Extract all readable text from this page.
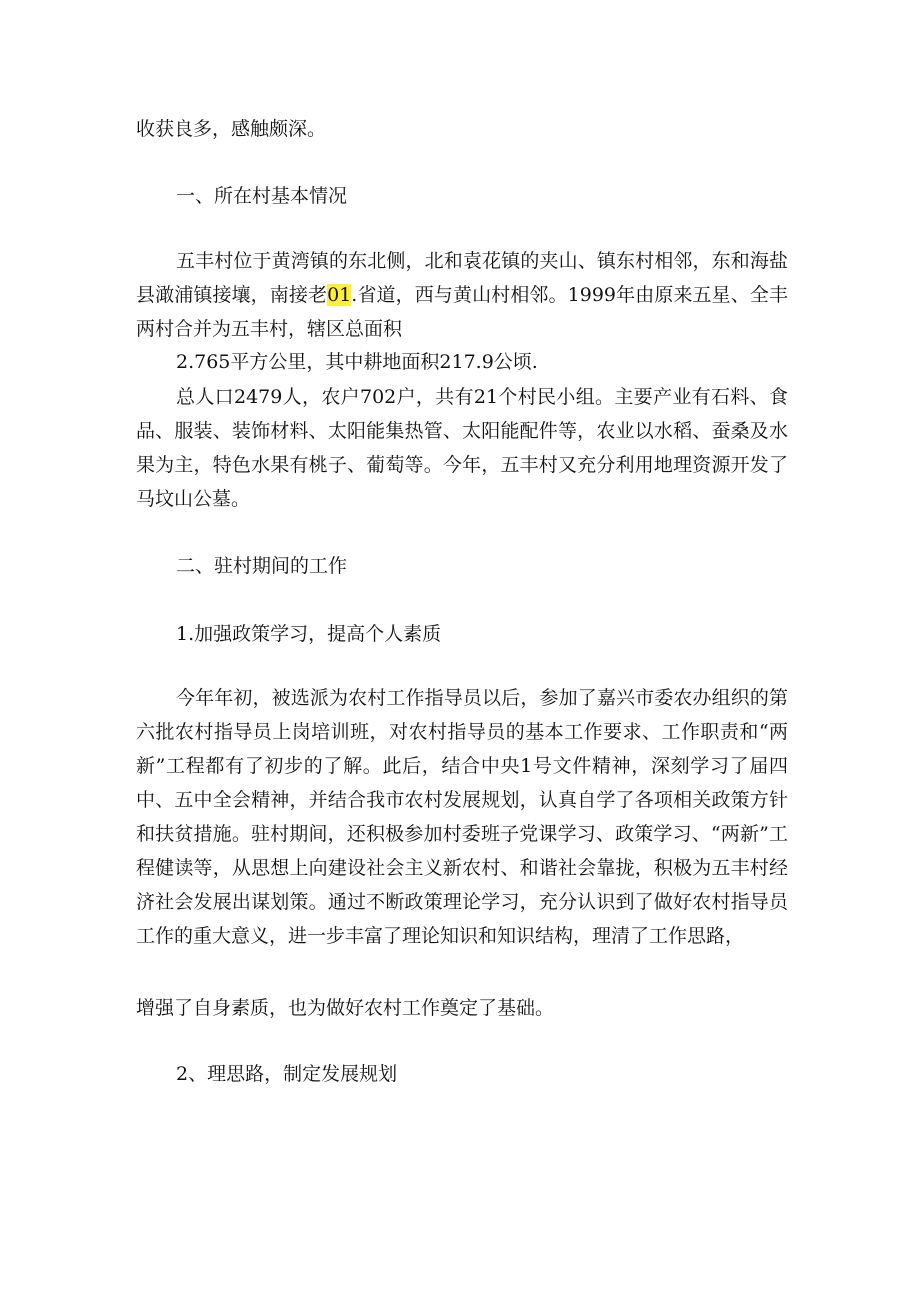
收获良多，感触颇深。
一、所在村基本情况
五丰村位于黄湾镇的东北侧，北和袁花镇的夹山、镇东村相邻，东和海盐县澉浦镇接壤，南接老01.省道，西与黄山村相邻。1999年由原来五星、全丰两村合并为五丰村，辖区总面积
2.765平方公里，其中耕地面积217.9公顷.
总人口2479人，农户702户，共有21个村民小组。主要产业有石料、食品、服装、装饰材料、太阳能集热管、太阳能配件等，农业以水稻、蚕桑及水果为主，特色水果有桃子、葡萄等。今年，五丰村又充分利用地理资源开发了马坟山公墓。
二、驻村期间的工作
1.加强政策学习，提高个人素质
今年年初，被选派为农村工作指导员以后，参加了嘉兴市委农办组织的第六批农村指导员上岗培训班，对农村指导员的基本工作要求、工作职责和“两新”工程都有了初步的了解。此后，结合中央1号文件精神，深刻学习了届四中、五中全会精神，并结合我市农村发展规划，认真自学了各项相关政策方针和扶贫措施。驻村期间，还积极参加村委班子党课学习、政策学习、“两新”工程健读等，从思想上向建设社会主义新农村、和谐社会靠拢，积极为五丰村经济社会发展出谋划策。通过不断政策理论学习，充分认识到了做好农村指导员工作的重大意义，进一步丰富了理论知识和知识结构，理清了工作思路，
增强了自身素质，也为做好农村工作奠定了基础。
2、理思路，制定发展规划
